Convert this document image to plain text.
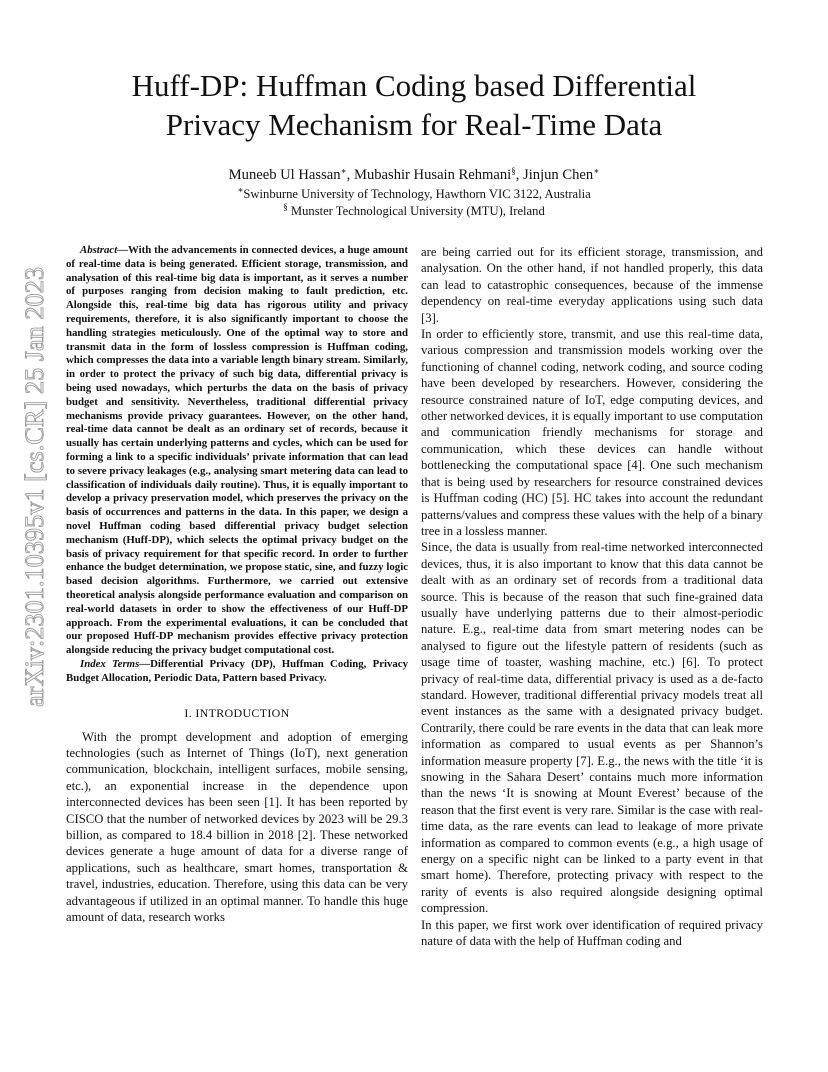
arXiv:2301.10395v1 [cs.CR] 25 Jan 2023
Huff-DP: Huffman Coding based Differential
Privacy Mechanism for Real-Time Data
Muneeb Ul Hassan∗, Mubashir Husain Rehmani§, Jinjun Chen∗
∗Swinburne University of Technology, Hawthorn VIC 3122, Australia
§ Munster Technological University (MTU), Ireland

Abstract—With the advancements in connected devices, a huge amount of real-time data is being generated. Efficient storage, transmission, and analysation of this real-time big data is important, as it serves a number of purposes ranging from decision making to fault prediction, etc. Alongside this, real-time big data has rigorous utility and privacy requirements, therefore, it is also significantly important to choose the handling strategies meticulously. One of the optimal way to store and transmit data in the form of lossless compression is Huffman coding, which compresses the data into a variable length binary stream. Similarly, in order to protect the privacy of such big data, differential privacy is being used nowadays, which perturbs the data on the basis of privacy budget and sensitivity. Nevertheless, traditional differential privacy mechanisms provide privacy guarantees. However, on the other hand, real-time data cannot be dealt as an ordinary set of records, because it usually has certain underlying patterns and cycles, which can be used for forming a link to a specific individuals’ private information that can lead to severe privacy leakages (e.g., analysing smart metering data can lead to classification of individuals daily routine). Thus, it is equally important to develop a privacy preservation model, which preserves the privacy on the basis of occurrences and patterns in the data. In this paper, we design a novel Huffman coding based differential privacy budget selection mechanism (Huff-DP), which selects the optimal privacy budget on the basis of privacy requirement for that specific record. In order to further enhance the budget determination, we propose static, sine, and fuzzy logic based decision algorithms. Furthermore, we carried out extensive theoretical analysis alongside performance evaluation and comparison on real-world datasets in order to show the effectiveness of our Huff-DP approach. From the experimental evaluations, it can be concluded that our proposed Huff-DP mechanism provides effective privacy protection alongside reducing the privacy budget computational cost.

Index Terms—Differential Privacy (DP), Huffman Coding, Privacy Budget Allocation, Periodic Data, Pattern based Privacy.

I. INTRODUCTION

With the prompt development and adoption of emerging technologies (such as Internet of Things (IoT), next generation communication, blockchain, intelligent surfaces, mobile sensing, etc.), an exponential increase in the dependence upon interconnected devices has been seen [1]. It has been reported by CISCO that the number of networked devices by 2023 will be 29.3 billion, as compared to 18.4 billion in 2018 [2]. These networked devices generate a huge amount of data for a diverse range of applications, such as healthcare, smart homes, transportation & travel, industries, education. Therefore, using this data can be very advantageous if utilized in an optimal manner. To handle this huge amount of data, research works

are being carried out for its efficient storage, transmission, and analysation. On the other hand, if not handled properly, this data can lead to catastrophic consequences, because of the immense dependency on real-time everyday applications using such data [3].

In order to efficiently store, transmit, and use this real-time data, various compression and transmission models working over the functioning of channel coding, network coding, and source coding have been developed by researchers. However, considering the resource constrained nature of IoT, edge computing devices, and other networked devices, it is equally important to use computation and communication friendly mechanisms for storage and communication, which these devices can handle without bottlenecking the computational space [4]. One such mechanism that is being used by researchers for resource constrained devices is Huffman coding (HC) [5]. HC takes into account the redundant patterns/values and compress these values with the help of a binary tree in a lossless manner.

Since, the data is usually from real-time networked interconnected devices, thus, it is also important to know that this data cannot be dealt with as an ordinary set of records from a traditional data source. This is because of the reason that such fine-grained data usually have underlying patterns due to their almost-periodic nature. E.g., real-time data from smart metering nodes can be analysed to figure out the lifestyle pattern of residents (such as usage time of toaster, washing machine, etc.) [6]. To protect privacy of real-time data, differential privacy is used as a de-facto standard. However, traditional differential privacy models treat all event instances as the same with a designated privacy budget. Contrarily, there could be rare events in the data that can leak more information as compared to usual events as per Shannon’s information measure property [7]. E.g., the news with the title ‘it is snowing in the Sahara Desert’ contains much more information than the news ‘It is snowing at Mount Everest’ because of the reason that the first event is very rare. Similar is the case with real-time data, as the rare events can lead to leakage of more private information as compared to common events (e.g., a high usage of energy on a specific night can be linked to a party event in that smart home). Therefore, protecting privacy with respect to the rarity of events is also required alongside designing optimal compression.

In this paper, we first work over identification of required privacy nature of data with the help of Huffman coding and
